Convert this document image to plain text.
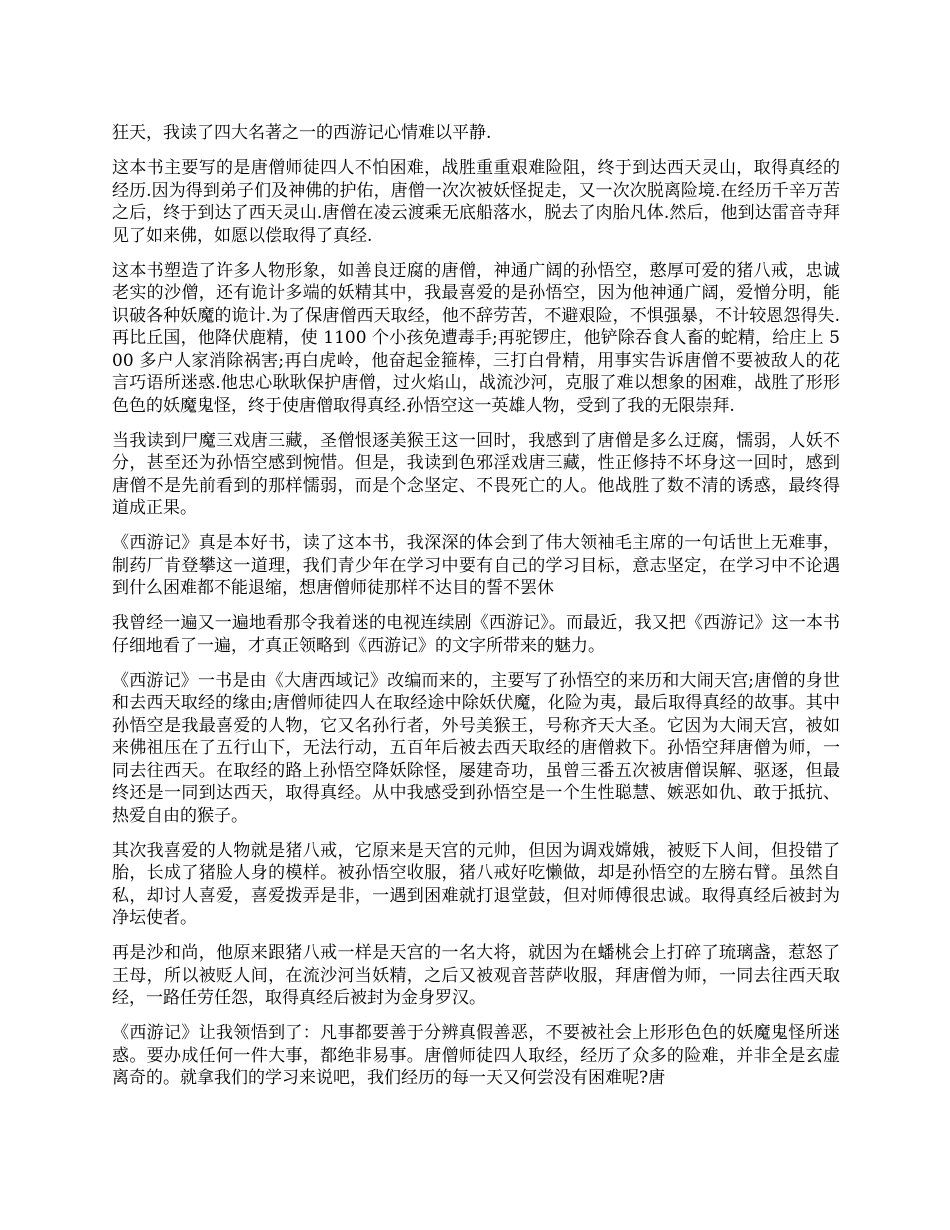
狂天，我读了四大名著之一的西游记心情难以平静.

这本书主要写的是唐僧师徒四人不怕困难，战胜重重艰难险阻，终于到达西天灵山，取得真经的经历.因为得到弟子们及神佛的护佑，唐僧一次次被妖怪捉走，又一次次脱离险境.在经历千辛万苦之后，终于到达了西天灵山.唐僧在凌云渡乘无底船落水，脱去了肉胎凡体.然后，他到达雷音寺拜见了如来佛，如愿以偿取得了真经.

这本书塑造了许多人物形象，如善良迂腐的唐僧，神通广阔的孙悟空，憨厚可爱的猪八戒，忠诚老实的沙僧，还有诡计多端的妖精其中，我最喜爱的是孙悟空，因为他神通广阔，爱憎分明，能识破各种妖魔的诡计.为了保唐僧西天取经，他不辞劳苦，不避艰险，不惧强暴，不计较恩怨得失.再比丘国，他降伏鹿精，使 1100 个小孩免遭毒手;再驼锣庄，他铲除吞食人畜的蛇精，给庄上 500 多户人家消除祸害;再白虎岭，他奋起金箍棒，三打白骨精，用事实告诉唐僧不要被敌人的花言巧语所迷惑.他忠心耿耿保护唐僧，过火焰山，战流沙河，克服了难以想象的困难，战胜了形形色色的妖魔鬼怪，终于使唐僧取得真经.孙悟空这一英雄人物，受到了我的无限崇拜.

当我读到尸魔三戏唐三藏，圣僧恨逐美猴王这一回时，我感到了唐僧是多么迂腐，懦弱，人妖不分，甚至还为孙悟空感到惋惜。但是，我读到色邪淫戏唐三藏，性正修持不坏身这一回时，感到唐僧不是先前看到的那样懦弱，而是个念坚定、不畏死亡的人。他战胜了数不清的诱惑，最终得道成正果。

《西游记》真是本好书，读了这本书，我深深的体会到了伟大领袖毛主席的一句话世上无难事，制药厂肯登攀这一道理，我们青少年在学习中要有自己的学习目标，意志坚定，在学习中不论遇到什么困难都不能退缩，想唐僧师徒那样不达目的誓不罢休

我曾经一遍又一遍地看那令我着迷的电视连续剧《西游记》。而最近，我又把《西游记》这一本书仔细地看了一遍，才真正领略到《西游记》的文字所带来的魅力。

《西游记》一书是由《大唐西域记》改编而来的，主要写了孙悟空的来历和大闹天宫;唐僧的身世和去西天取经的缘由;唐僧师徒四人在取经途中除妖伏魔，化险为夷，最后取得真经的故事。其中孙悟空是我最喜爱的人物，它又名孙行者，外号美猴王，号称齐天大圣。它因为大闹天宫，被如来佛祖压在了五行山下，无法行动，五百年后被去西天取经的唐僧救下。孙悟空拜唐僧为师，一同去往西天。在取经的路上孙悟空降妖除怪，屡建奇功，虽曾三番五次被唐僧误解、驱逐，但最终还是一同到达西天，取得真经。从中我感受到孙悟空是一个生性聪慧、嫉恶如仇、敢于抵抗、热爱自由的猴子。

其次我喜爱的人物就是猪八戒，它原来是天宫的元帅，但因为调戏嫦娥，被贬下人间，但投错了胎，长成了猪脸人身的模样。被孙悟空收服，猪八戒好吃懒做，却是孙悟空的左膀右臂。虽然自私，却讨人喜爱，喜爱拨弄是非，一遇到困难就打退堂鼓，但对师傅很忠诚。取得真经后被封为净坛使者。

再是沙和尚，他原来跟猪八戒一样是天宫的一名大将，就因为在蟠桃会上打碎了琉璃盏，惹怒了王母，所以被贬人间，在流沙河当妖精，之后又被观音菩萨收服，拜唐僧为师，一同去往西天取经，一路任劳任怨，取得真经后被封为金身罗汉。

《西游记》让我领悟到了：凡事都要善于分辨真假善恶，不要被社会上形形色色的妖魔鬼怪所迷惑。要办成任何一件大事，都绝非易事。唐僧师徒四人取经，经历了众多的险难，并非全是玄虚离奇的。就拿我们的学习来说吧，我们经历的每一天又何尝没有困难呢?唐
